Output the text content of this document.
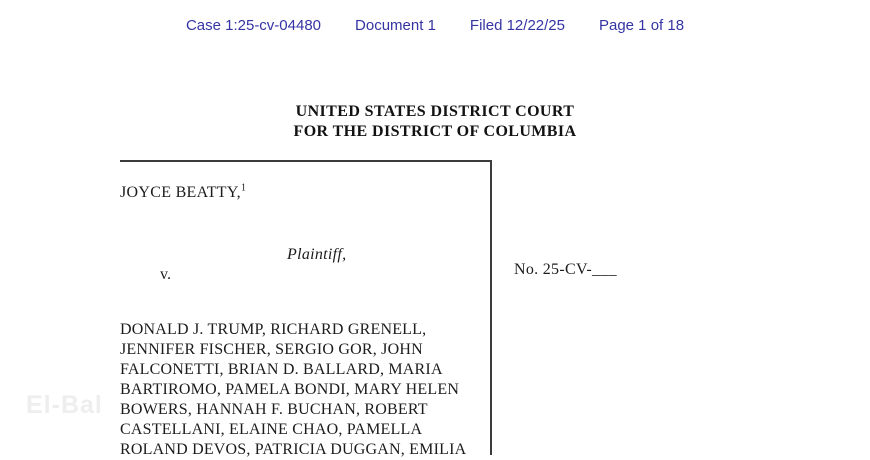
Case 1:25-cv-04480 Document 1 Filed 12/22/25 Page 1 of 18
UNITED STATES DISTRICT COURT
FOR THE DISTRICT OF COLUMBIA
JOYCE BEATTY,$^1$
Plaintiff,
v.
DONALD J. TRUMP, RICHARD GRENELL,
JENNIFER FISCHER, SERGIO GOR, JOHN
FALCONETTI, BRIAN D. BALLARD, MARIA
BARTIROMO, PAMELA BONDI, MARY HELEN
BOWERS, HANNAH F. BUCHAN, ROBERT
CASTELLANI, ELAINE CHAO, PAMELLA
ROLAND DEVOS, PATRICIA DUGGAN, EMILIA
No. 25-CV-___
El-Bal
